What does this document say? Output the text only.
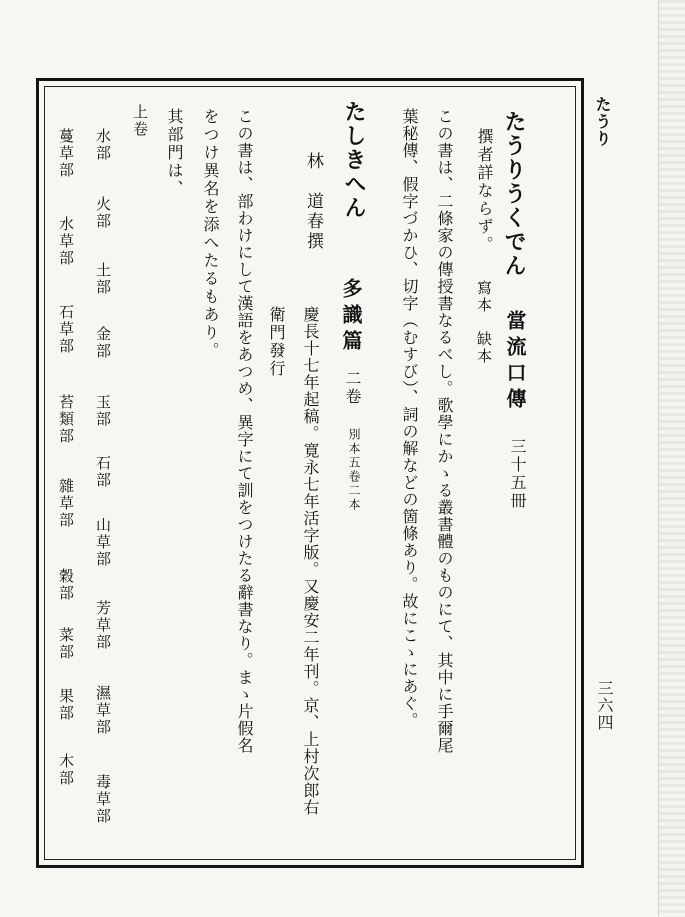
たうり
三六四
たうりうくでん
當流口傳
三十五冊
撰者詳ならず。
寫本　缺本
この書は、二條家の傳授書なるべし。歌學にかゝる叢書體のものにて、其中に手爾尾
葉秘傳、假字づかひ、切字（むすび）、詞の解などの箇條あり。故にこゝにあぐ。
たしきへん
多識篇
二卷
別本五卷二本
林　道春撰
慶長十七年起稿。寛永七年活字版。又慶安二年刊。京、上村次郎右
衛門發行
この書は、部わけにして漢語をあつめ、異字にて訓をつけたる辭書なり。まゝ片假名
をつけ異名を添へたるもあり。
其部門は、
上卷
水部
火部
土部
金部
玉部
石部
山草部
芳草部
濕草部
毒草部
蔓草部
水草部
石草部
苔類部
雜草部
穀部
菜部
果部
木部
